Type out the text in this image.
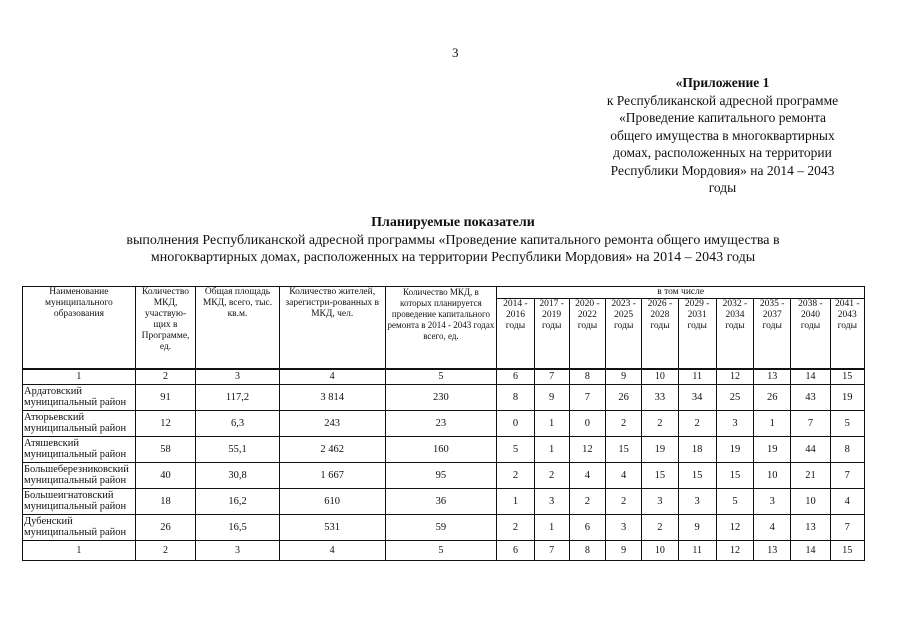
3
«Приложение 1
к Республиканской адресной программе
«Проведение капитального ремонта
общего имущества в многоквартирных
домах, расположенных на территории
Республики Мордовия» на 2014 – 2043
годы
Планируемые показатели
выполнения Республиканской адресной программы «Проведение капитального ремонта общего имущества в
многоквартирных домах, расположенных на территории Республики Мордовия» на 2014 – 2043 годы
Наименование муниципального образования	Количество МКД, участвую-щих в Программе, ед.	Общая площадь МКД, всего, тыс. кв.м.	Количество жителей, зарегистри-рованных в МКД, чел.	Количество МКД, в которых планируется проведение капитального ремонта в 2014 - 2043 годах всего, ед.	в том числе									
					2014 - 2016 годы	2017 - 2019 годы	2020 - 2022 годы	2023 - 2025 годы	2026 - 2028 годы	2029 - 2031 годы	2032 - 2034 годы	2035 - 2037 годы	2038 - 2040 годы	2041 - 2043 годы
1	2	3	4	5	6	7	8	9	10	11	12	13	14	15
Ардатовский муниципальный район	91	117,2	3 814	230	8	9	7	26	33	34	25	26	43	19
Атюрьевский муниципальный район	12	6,3	243	23	0	1	0	2	2	2	3	1	7	5
Атяшевский муниципальный район	58	55,1	2 462	160	5	1	12	15	19	18	19	19	44	8
Большеберезниковский муниципальный район	40	30,8	1 667	95	2	2	4	4	15	15	15	10	21	7
Большеигнатовский муниципальный район	18	16,2	610	36	1	3	2	2	3	3	5	3	10	4
Дубенский муниципальный район	26	16,5	531	59	2	1	6	3	2	9	12	4	13	7
1	2	3	4	5	6	7	8	9	10	11	12	13	14	15
